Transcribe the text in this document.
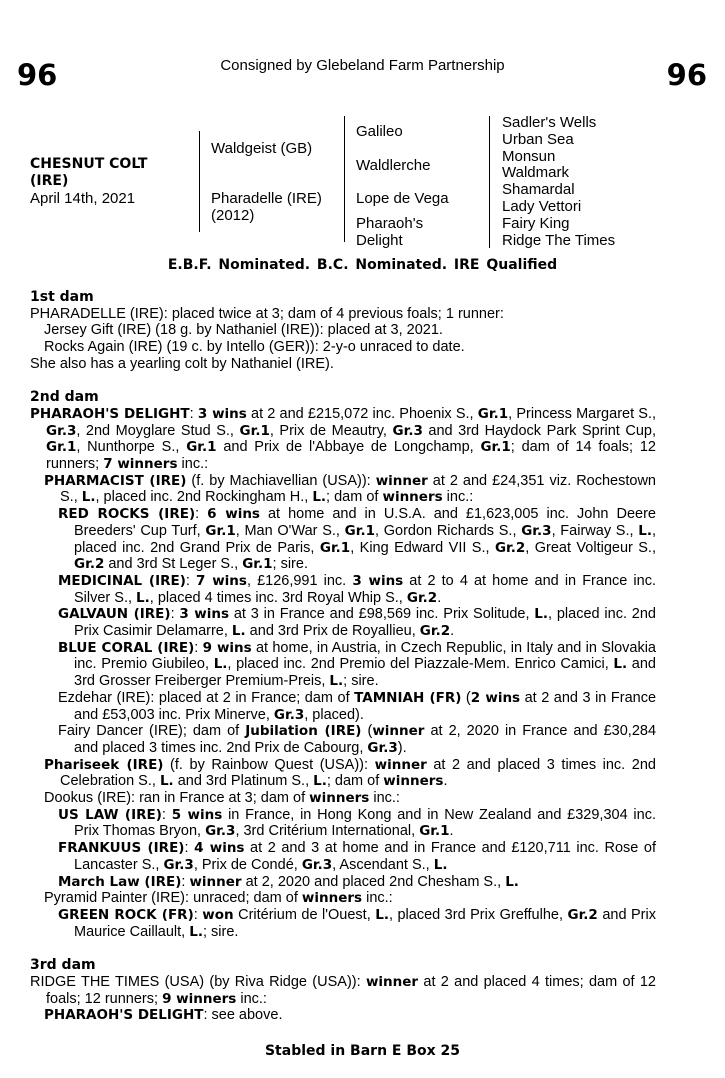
96	96
Consigned by Glebeland Farm Partnership
CHESNUT COLT
(IRE)
April 14th, 2021
Waldgeist (GB)
Pharadelle (IRE)
(2012)
Galileo
Waldlerche
Lope de Vega
Pharaoh's
Delight
Sadler's Wells
Urban Sea
Monsun
Waldmark
Shamardal
Lady Vettori
Fairy King
Ridge The Times
E.B.F. Nominated. B.C. Nominated. IRE Qualified
1st dam
PHARADELLE (IRE): placed twice at 3; dam of 4 previous foals; 1 runner:
Jersey Gift (IRE) (18 g. by Nathaniel (IRE)): placed at 3, 2021.
Rocks Again (IRE) (19 c. by Intello (GER)): 2-y-o unraced to date.
She also has a yearling colt by Nathaniel (IRE).
2nd dam
PHARAOH'S DELIGHT: 3 wins at 2 and £215,072 inc. Phoenix S., Gr.1, Princess Margaret S., Gr.3, 2nd Moyglare Stud S., Gr.1, Prix de Meautry, Gr.3 and 3rd Haydock Park Sprint Cup, Gr.1, Nunthorpe S., Gr.1 and Prix de l'Abbaye de Longchamp, Gr.1; dam of 14 foals; 12 runners; 7 winners inc.:
PHARMACIST (IRE) (f. by Machiavellian (USA)): winner at 2 and £24,351 viz. Rochestown S., L., placed inc. 2nd Rockingham H., L.; dam of winners inc.:
RED ROCKS (IRE): 6 wins at home and in U.S.A. and £1,623,005 inc. John Deere Breeders' Cup Turf, Gr.1, Man O'War S., Gr.1, Gordon Richards S., Gr.3, Fairway S., L., placed inc. 2nd Grand Prix de Paris, Gr.1, King Edward VII S., Gr.2, Great Voltigeur S., Gr.2 and 3rd St Leger S., Gr.1; sire.
MEDICINAL (IRE): 7 wins, £126,991 inc. 3 wins at 2 to 4 at home and in France inc. Silver S., L., placed 4 times inc. 3rd Royal Whip S., Gr.2.
GALVAUN (IRE): 3 wins at 3 in France and £98,569 inc. Prix Solitude, L., placed inc. 2nd Prix Casimir Delamarre, L. and 3rd Prix de Royallieu, Gr.2.
BLUE CORAL (IRE): 9 wins at home, in Austria, in Czech Republic, in Italy and in Slovakia inc. Premio Giubileo, L., placed inc. 2nd Premio del Piazzale-Mem. Enrico Camici, L. and 3rd Grosser Freiberger Premium-Preis, L.; sire.
Ezdehar (IRE): placed at 2 in France; dam of TAMNIAH (FR) (2 wins at 2 and 3 in France and £53,003 inc. Prix Minerve, Gr.3, placed).
Fairy Dancer (IRE); dam of Jubilation (IRE) (winner at 2, 2020 in France and £30,284 and placed 3 times inc. 2nd Prix de Cabourg, Gr.3).
Phariseek (IRE) (f. by Rainbow Quest (USA)): winner at 2 and placed 3 times inc. 2nd Celebration S., L. and 3rd Platinum S., L.; dam of winners.
Dookus (IRE): ran in France at 3; dam of winners inc.:
US LAW (IRE): 5 wins in France, in Hong Kong and in New Zealand and £329,304 inc. Prix Thomas Bryon, Gr.3, 3rd Critérium International, Gr.1.
FRANKUUS (IRE): 4 wins at 2 and 3 at home and in France and £120,711 inc. Rose of Lancaster S., Gr.3, Prix de Condé, Gr.3, Ascendant S., L.
March Law (IRE): winner at 2, 2020 and placed 2nd Chesham S., L.
Pyramid Painter (IRE): unraced; dam of winners inc.:
GREEN ROCK (FR): won Critérium de l'Ouest, L., placed 3rd Prix Greffulhe, Gr.2 and Prix Maurice Caillault, L.; sire.
3rd dam
RIDGE THE TIMES (USA) (by Riva Ridge (USA)): winner at 2 and placed 4 times; dam of 12 foals; 12 runners; 9 winners inc.:
PHARAOH'S DELIGHT: see above.
Stabled in Barn E Box 25
